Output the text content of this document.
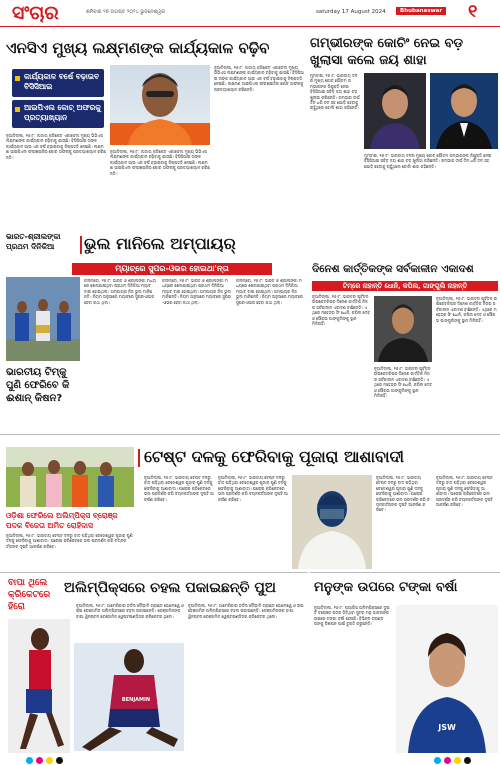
ସଂଚାର	ଶନିବାର ୧୭ ଅଗଷ୍ଟ ୨୦୨୪ ଭୁବନେଶ୍ୱର	saturday 17 August 2024	Bhubaneswar ୧
ଏନସିଏ ମୁଖ୍ୟ ଲକ୍ଷ୍ମଣଙ୍କ କାର୍ଯ୍ୟକାଳ ବଢ଼ିବ
କାର୍ଯ୍ୟକାଳ ବର୍ଷେ ବଢ଼ାଇବ ବିସିସିଆଇ
ଆଇପିଏଲ କୋଚ୍ ଅଫରକୁ ପ୍ରତ୍ୟାଖ୍ୟାନ
ନୂଆଦିଲ୍ଲୀ, ୧୬।୮: ଜାତୀୟ କ୍ରିକେଟ ଏକାଡେମୀ ମୁଖ୍ୟ ଭିଭିଏସ ଲକ୍ଷ୍ମଣଙ୍କ କାର୍ଯ୍ୟକାଳ ବଢ଼ିବାକୁ ଯାଉଛି। ବିସିସିଆଇ ତାଙ୍କ କାର୍ଯ୍ୟକାଳ ଆଉ ଏକ ବର୍ଷ ବଢ଼ାଇବାକୁ ନିଷ୍ପତ୍ତି ନେଇଛି। ଲକ୍ଷ୍ମଣ ଆଇପିଏଲ ଫ୍ରାଞ୍ଚାଇଜିର କୋଚ୍ ଅଫରକୁ ପ୍ରତ୍ୟାଖ୍ୟାନ କରିଛନ୍ତି।
ନୂଆଦିଲ୍ଲୀ, ୧୬।୮: ଜାତୀୟ କ୍ରିକେଟ ଏକାଡେମୀ ମୁଖ୍ୟ ଭିଭିଏସ ଲକ୍ଷ୍ମଣଙ୍କ କାର୍ଯ୍ୟକାଳ ବଢ଼ିବାକୁ ଯାଉଛି। ବିସିସିଆଇ ତାଙ୍କ କାର୍ଯ୍ୟକାଳ ଆଉ ଏକ ବର୍ଷ ବଢ଼ାଇବାକୁ ନିଷ୍ପତ୍ତି ନେଇଛି। ଲକ୍ଷ୍ମଣ ଆଇପିଏଲ ଫ୍ରାଞ୍ଚାଇଜିର କୋଚ୍ ଅଫରକୁ ପ୍ରତ୍ୟାଖ୍ୟାନ କରିଛନ୍ତି।
ନୂଆଦିଲ୍ଲୀ, ୧୬।୮: ଜାତୀୟ କ୍ରିକେଟ ଏକାଡେମୀ ମୁଖ୍ୟ ଭିଭିଏସ ଲକ୍ଷ୍ମଣଙ୍କ କାର୍ଯ୍ୟକାଳ ବଢ଼ିବାକୁ ଯାଉଛି। ବିସିସିଆଇ ତାଙ୍କ କାର୍ଯ୍ୟକାଳ ଆଉ ଏକ ବର୍ଷ ବଢ଼ାଇବାକୁ ନିଷ୍ପତ୍ତି ନେଇଛି। ଲକ୍ଷ୍ମଣ ଆଇପିଏଲ ଫ୍ରାଞ୍ଚାଇଜିର କୋଚ୍ ଅଫରକୁ ପ୍ରତ୍ୟାଖ୍ୟାନ କରିଛନ୍ତି।
ଗମ୍ଭୀରଙ୍କ କୋଚିଂ ନେଇ ବଡ଼ ଖୁଲାସା କଲେ ଜୟ ଶାହା
ମୁମ୍ବାଇ, ୧୬।୮: ଭାରତୀୟ ଦଳର ମୁଖ୍ୟ କୋଚ୍ ଗୌତମ ଗମ୍ଭୀରଙ୍କ ନିଯୁକ୍ତି ନେଇ ବିସିସିଆଇ ସଚିବ ଜୟ ଶାହା ବଡ଼ ଖୁଲାସା କରିଛନ୍ତି। ଗମ୍ଭୀର ଦୀର୍ଘ ଦିନ ଧରି ଦଳ ସହ ଯୋଡ଼ି ହେବାକୁ ଚାହୁଁଥିଲେ ବୋଲି ଶାହା କହିଛନ୍ତି।
ମୁମ୍ବାଇ, ୧୬।୮: ଭାରତୀୟ ଦଳର ମୁଖ୍ୟ କୋଚ୍ ଗୌତମ ଗମ୍ଭୀରଙ୍କ ନିଯୁକ୍ତି ନେଇ ବିସିସିଆଇ ସଚିବ ଜୟ ଶାହା ବଡ଼ ଖୁଲାସା କରିଛନ୍ତି। ଗମ୍ଭୀର ଦୀର୍ଘ ଦିନ ଧରି ଦଳ ସହ ଯୋଡ଼ି ହେବାକୁ ଚାହୁଁଥିଲେ ବୋଲି ଶାହା କହିଛନ୍ତି।
ଭାରତ-ଶ୍ରୀଲଙ୍କା ପ୍ରଥମ ଦିନିକିଆ	ଭୁଲ ମାନିଲେ ଅମ୍ପାୟର୍
ମ୍ୟାଚ୍‌ରେ ସୁପର-ଓଭର ହୋଇଥା'ନ୍ତା
କଲମ୍ବୋ, ୧୬।୮: ଭାରତ ଓ ଶ୍ରୀଲଙ୍କା ମଧ୍ୟରେ ଖେଳାଯାଇଥିବା ପ୍ରଥମ ଦିନିକିଆ ମ୍ୟାଚ୍ ଟାଇ ହୋଇଥିଲା। ଅମ୍ପାୟର ନିଜ ଭୁଲ ମାନିଛନ୍ତି। ନିୟମ ଅନୁସାରେ ମ୍ୟାଚ୍‌ରେ ସୁପର-ଓଭର ହେବା କଥା ଥିଲା।
କଲମ୍ବୋ, ୧୬।୮: ଭାରତ ଓ ଶ୍ରୀଲଙ୍କା ମଧ୍ୟରେ ଖେଳାଯାଇଥିବା ପ୍ରଥମ ଦିନିକିଆ ମ୍ୟାଚ୍ ଟାଇ ହୋଇଥିଲା। ଅମ୍ପାୟର ନିଜ ଭୁଲ ମାନିଛନ୍ତି। ନିୟମ ଅନୁସାରେ ମ୍ୟାଚ୍‌ରେ ସୁପର-ଓଭର ହେବା କଥା ଥିଲା।
କଲମ୍ବୋ, ୧୬।୮: ଭାରତ ଓ ଶ୍ରୀଲଙ୍କା ମଧ୍ୟରେ ଖେଳାଯାଇଥିବା ପ୍ରଥମ ଦିନିକିଆ ମ୍ୟାଚ୍ ଟାଇ ହୋଇଥିଲା। ଅମ୍ପାୟର ନିଜ ଭୁଲ ମାନିଛନ୍ତି। ନିୟମ ଅନୁସାରେ ମ୍ୟାଚ୍‌ରେ ସୁପର-ଓଭର ହେବା କଥା ଥିଲା।
ଭାରତୀୟ ଟିମ୍‌କୁ ପୁଣି ଫେରିବେ କି ଈଶାନ୍ କିଷନ?
ଦିନେଶ କାର୍ତ୍ତିକଙ୍କ ସର୍ବକାଳୀନ ଏକାଦଶ
ଟିମ୍‌ରେ ନାହାନ୍ତି ଧୋନି, କପିଲ, ଗାଙ୍ଗୁଲି ନାହାନ୍ତି
ନୂଆଦିଲ୍ଲୀ, ୧୬।୮: ଭାରତର ପୂର୍ବତନ ଉଇକେଟକିପର ଦିନେଶ କାର୍ତ୍ତିକ ନିଜର ସର୍ବକାଳୀନ ଏକାଦଶ ବାଛିଛନ୍ତି। ଏଥିରେ ମହେନ୍ଦ୍ର ସିଂ ଧୋନି, କପିଲ ଦେବ ଓ ସୌରଭ ଗାଙ୍ଗୁଲିଙ୍କୁ ସ୍ଥାନ ମିଳିନାହିଁ।
ନୂଆଦିଲ୍ଲୀ, ୧୬।୮: ଭାରତର ପୂର୍ବତନ ଉଇକେଟକିପର ଦିନେଶ କାର୍ତ୍ତିକ ନିଜର ସର୍ବକାଳୀନ ଏକାଦଶ ବାଛିଛନ୍ତି। ଏଥିରେ ମହେନ୍ଦ୍ର ସିଂ ଧୋନି, କପିଲ ଦେବ ଓ ସୌରଭ ଗାଙ୍ଗୁଲିଙ୍କୁ ସ୍ଥାନ ମିଳିନାହିଁ।
ନୂଆଦିଲ୍ଲୀ, ୧୬।୮: ଭାରତର ପୂର୍ବତନ ଉଇକେଟକିପର ଦିନେଶ କାର୍ତ୍ତିକ ନିଜର ସର୍ବକାଳୀନ ଏକାଦଶ ବାଛିଛନ୍ତି। ଏଥିରେ ମହେନ୍ଦ୍ର ସିଂ ଧୋନି, କପିଲ ଦେବ ଓ ସୌରଭ ଗାଙ୍ଗୁଲିଙ୍କୁ ସ୍ଥାନ ମିଳିନାହିଁ।
ଟେଷ୍ଟ ଦଳକୁ ଫେରିବାକୁ ପୂଜାରା ଆଶାବାଦୀ
ଓଡ଼ିଶା ଫେରିଲେ ଅଲିମ୍ପିକ୍ସ ବ୍ରୋଞ୍ଜ ପଦକ ବିଜେତା ଅମିତ ରୋହିଦାସ
ନୂଆଦିଲ୍ଲୀ, ୧୬।୮: ଭାରତୀୟ ଟେଷ୍ଟ ଦଳରୁ ବାଦ ପଡ଼ିଥିବା ଚେତେଶ୍ୱର ପୂଜାରା ପୁଣି ଦଳକୁ ଫେରିବାକୁ ଆଶାବାଦୀ। ଘରୋଇ କ୍ରିକେଟରେ ଭଲ ପ୍ରଦର୍ଶନ କରି ଚୟନକର୍ତ୍ତାଙ୍କ ଦୃଷ୍ଟି ଆକର୍ଷଣ କରିବେ।
ନୂଆଦିଲ୍ଲୀ, ୧୬।୮: ଭାରତୀୟ ଟେଷ୍ଟ ଦଳରୁ ବାଦ ପଡ଼ିଥିବା ଚେତେଶ୍ୱର ପୂଜାରା ପୁଣି ଦଳକୁ ଫେରିବାକୁ ଆଶାବାଦୀ। ଘରୋଇ କ୍ରିକେଟରେ ଭଲ ପ୍ରଦର୍ଶନ କରି ଚୟନକର୍ତ୍ତାଙ୍କ ଦୃଷ୍ଟି ଆକର୍ଷଣ କରିବେ।
ନୂଆଦିଲ୍ଲୀ, ୧୬।୮: ଭାରତୀୟ ଟେଷ୍ଟ ଦଳରୁ ବାଦ ପଡ଼ିଥିବା ଚେତେଶ୍ୱର ପୂଜାରା ପୁଣି ଦଳକୁ ଫେରିବାକୁ ଆଶାବାଦୀ। ଘରୋଇ କ୍ରିକେଟରେ ଭଲ ପ୍ରଦର୍ଶନ କରି ଚୟନକର୍ତ୍ତାଙ୍କ ଦୃଷ୍ଟି ଆକର୍ଷଣ କରିବେ।
ନୂଆଦିଲ୍ଲୀ, ୧୬।୮: ଭାରତୀୟ ଟେଷ୍ଟ ଦଳରୁ ବାଦ ପଡ଼ିଥିବା ଚେତେଶ୍ୱର ପୂଜାରା ପୁଣି ଦଳକୁ ଫେରିବାକୁ ଆଶାବାଦୀ। ଘରୋଇ କ୍ରିକେଟରେ ଭଲ ପ୍ରଦର୍ଶନ କରି ଚୟନକର୍ତ୍ତାଙ୍କ ଦୃଷ୍ଟି ଆକର୍ଷଣ କରିବେ।
ନୂଆଦିଲ୍ଲୀ, ୧୬।୮: ଭାରତୀୟ ଟେଷ୍ଟ ଦଳରୁ ବାଦ ପଡ଼ିଥିବା ଚେତେଶ୍ୱର ପୂଜାରା ପୁଣି ଦଳକୁ ଫେରିବାକୁ ଆଶାବାଦୀ। ଘରୋଇ କ୍ରିକେଟରେ ଭଲ ପ୍ରଦର୍ଶନ କରି ଚୟନକର୍ତ୍ତାଙ୍କ ଦୃଷ୍ଟି ଆକର୍ଷଣ କରିବେ।
ବାପା ଥିଲେ କ୍ରିକେଟରେ ହିରୋ
ଅଲିମ୍ପିକ୍ସରେ ଚହଲ ପକାଇଛନ୍ତି ପୁଅ
BENJAMIN
ନୂଆଦିଲ୍ଲୀ, ୧୬।୮: ଆମେରିକାର ହର୍ଡଲ ଦୌଡ଼ାଳି ଗ୍ରାଣ୍ଟ ହୋଲୋୱେ ଓ ରାଇ ବେଞ୍ଜାମିନ ଅଲିମ୍ପିକ୍ସରେ ଚହଲ ପକାଇଛନ୍ତି। ବେଞ୍ଜାମିନଙ୍କ ବାପା ୱିନ୍‌ଷ୍ଟନ ବେଞ୍ଜାମିନ ୱେଷ୍ଟଇଣ୍ଡିଜର କ୍ରିକେଟର ଥିଲେ।
ନୂଆଦିଲ୍ଲୀ, ୧୬।୮: ଆମେରିକାର ହର୍ଡଲ ଦୌଡ଼ାଳି ଗ୍ରାଣ୍ଟ ହୋଲୋୱେ ଓ ରାଇ ବେଞ୍ଜାମିନ ଅଲିମ୍ପିକ୍ସରେ ଚହଲ ପକାଇଛନ୍ତି। ବେଞ୍ଜାମିନଙ୍କ ବାପା ୱିନ୍‌ଷ୍ଟନ ବେଞ୍ଜାମିନ ୱେଷ୍ଟଇଣ୍ଡିଜର କ୍ରିକେଟର ଥିଲେ।
ମନୁଙ୍କ ଉପରେ ଟଙ୍କା ବର୍ଷା
ନୂଆଦିଲ୍ଲୀ, ୧୬।୮: ପ୍ୟାରିସ ଅଲିମ୍ପିକ୍ସରେ ଦୁଇଟି ବ୍ରୋଞ୍ଜ ପଦକ ଜିତିଥିବା ସୁଟର ମନୁ ଭାକରଙ୍କ ଉପରେ ଟଙ୍କା ବର୍ଷା ହେଉଛି। ବିଭିନ୍ନ ବ୍ରାଣ୍ଡ ତାଙ୍କୁ ବିଜ୍ଞାପନ ପାଇଁ ଚୁକ୍ତି କରୁଛନ୍ତି।
JSW
